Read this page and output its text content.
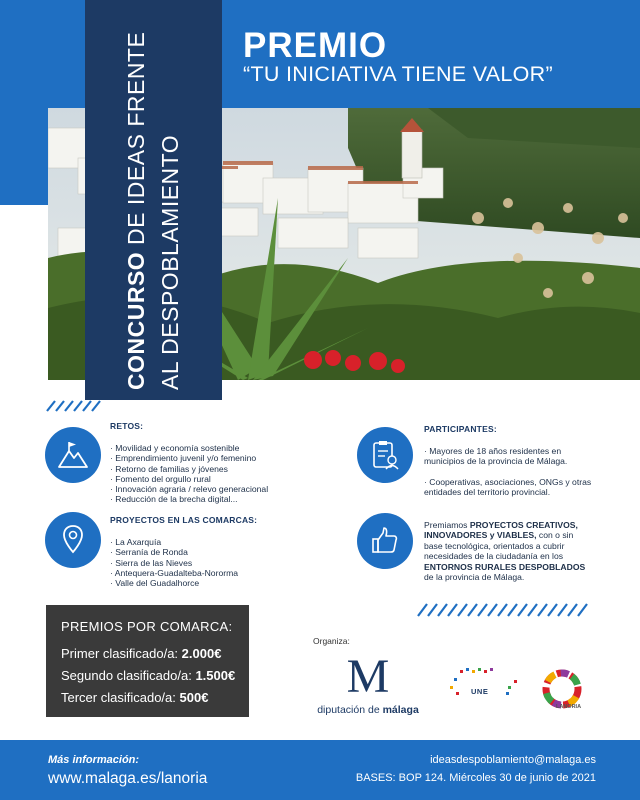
PREMIO
“TU INICIATIVA TIENE VALOR”
CONCURSO DE IDEAS FRENTE AL DESPOBLAMIENTO
RETOS:
· Movilidad y economía sostenible
· Emprendimiento juvenil y/o femenino
· Retorno de familias y jóvenes
· Fomento del orgullo rural
· Innovación agraria / relevo generacional
· Reducción de la brecha digital...
PROYECTOS EN LAS COMARCAS:
· La Axarquía
· Serranía de Ronda
· Sierra de las Nieves
· Antequera-Guadalteba-Nororma
· Valle del Guadalhorce
PARTICIPANTES:
· Mayores de 18 años residentes en municipios de la provincia de Málaga.
· Cooperativas, asociaciones, ONGs y otras entidades del territorio provincial.
Premiamos PROYECTOS CREATIVOS, INNOVADORES y VIABLES, con o sin base tecnológica, orientados a cubrir necesidades de la ciudadanía en los ENTORNOS RURALES DESPOBLADOS de la provincia de Málaga.
PREMIOS POR COMARCA:
Primer clasificado/a: 2.000€
Segundo clasificado/a: 1.500€
Tercer clasificado/a: 500€
Organiza:
M
diputación de málaga
UNE
LANORIA
Más información:
www.malaga.es/lanoria
ideasdespoblamiento@malaga.es
BASES: BOP 124. Miércoles 30 de junio de 2021
